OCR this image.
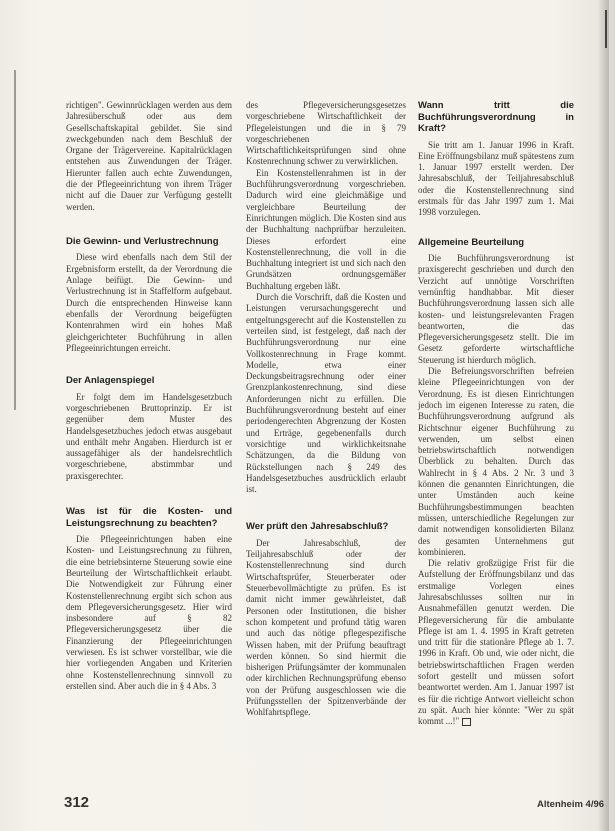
richtigen". Gewinnrücklagen werden aus dem Jahresüberschuß oder aus dem Gesellschaftskapital gebildet. Sie sind zweckgebunden nach dem Beschluß der Organe der Trägervereine. Kapitalrücklagen entstehen aus Zuwendungen der Träger. Hierunter fallen auch echte Zuwendungen, die der Pflegeeinrichtung von ihrem Träger nicht auf die Dauer zur Verfügung gestellt werden.

Die Gewinn- und Verlustrechnung

Diese wird ebenfalls nach dem Stil der Ergebnisform erstellt, da der Verordnung die Anlage beifügt. Die Gewinn- und Verlustrechnung ist in Staffelform aufgebaut. Durch die entsprechenden Hinweise kann ebenfalls der Verordnung beigefügten Kontenrahmen wird ein hohes Maß gleichgerichteter Buchführung in allen Pflegeeinrichtungen erreicht.

Der Anlagenspiegel

Er folgt dem im Handelsgesetzbuch vorgeschriebenen Bruttoprinzip. Er ist gegenüber dem Muster des Handelsgesetzbuches jedoch etwas ausgebaut und enthält mehr Angaben. Hierdurch ist er aussagefähiger als der handelsrechtlich vorgeschriebene, abstimmbar und praxisgerechter.

Was ist für die Kosten- und Leistungsrechnung zu beachten?

Die Pflegeeinrichtungen haben eine Kosten- und Leistungsrechnung zu führen, die eine betriebsinterne Steuerung sowie eine Beurteilung der Wirtschaftlichkeit erlaubt. Die Notwendigkeit zur Führung einer Kostenstellenrechnung ergibt sich schon aus dem Pflegeversicherungsgesetz. Hier wird insbesondere auf § 82 Pflegeversicherungsgesetz über die Finanzierung der Pflegeeinrichtungen verwiesen. Es ist schwer vorstellbar, wie die hier vorliegenden Angaben und Kriterien ohne Kostenstellenrechnung sinnvoll zu erstellen sind. Aber auch die in § 4 Abs. 3

des Pflegeversicherungsgesetzes vorgeschriebene Wirtschaftlichkeit der Pflegeleistungen und die in § 79 vorgeschriebenen Wirtschaftlichkeitsprüfungen sind ohne Kostenrechnung schwer zu verwirklichen.

Ein Kostenstellenrahmen ist in der Buchführungsverordnung vorgeschrieben. Dadurch wird eine gleichmäßige und vergleichbare Beurteilung der Einrichtungen möglich. Die Kosten sind aus der Buchhaltung nachprüfbar herzuleiten. Dieses erfordert eine Kostenstellenrechnung, die voll in die Buchhaltung integriert ist und sich nach den Grundsätzen ordnungsgemäßer Buchhaltung ergeben läßt.

Durch die Vorschrift, daß die Kosten und Leistungen verursachungsgerecht und entgeltungsgerecht auf die Kostenstellen zu verteilen sind, ist festgelegt, daß nach der Buchführungsverordnung nur eine Vollkostenrechnung in Frage kommt. Modelle, etwa einer Deckungsbeitragsrechnung oder einer Grenzplankostenrechnung, sind diese Anforderungen nicht zu erfüllen. Die Buchführungsverordnung besteht auf einer periodengerechten Abgrenzung der Kosten und Erträge, gegebenenfalls durch vorsichtige und wirklichkeitsnahe Schätzungen, da die Bildung von Rückstellungen nach § 249 des Handelsgesetzbuches ausdrücklich erlaubt ist.

Wer prüft den Jahresabschluß?

Der Jahresabschluß, der Teiljahresabschluß oder der Kostenstellenrechnung sind durch Wirtschaftsprüfer, Steuerberater oder Steuerbevollmächtigte zu prüfen. Es ist damit nicht immer gewährleistet, daß Personen oder Institutionen, die bisher schon kompetent und profund tätig waren und auch das nötige pflegespezifische Wissen haben, mit der Prüfung beauftragt werden können. So sind hiermit die bisherigen Prüfungsämter der kommunalen oder kirchlichen Rechnungsprüfung ebenso von der Prüfung ausgeschlossen wie die Prüfungsstellen der Spitzenverbände der Wohlfahrtspflege.

Wann tritt die Buchführungsverordnung in Kraft?

Sie tritt am 1. Januar 1996 in Kraft. Eine Eröffnungsbilanz muß spätestens zum 1. Januar 1997 erstellt werden. Der Jahresabschluß, der Teiljahresabschluß oder die Kostenstellenrechnung sind erstmals für das Jahr 1997 zum 1. Mai 1998 vorzulegen.

Allgemeine Beurteilung

Die Buchführungsverordnung ist praxisgerecht geschrieben und durch den Verzicht auf unnötige Vorschriften vernünftig handhabbar. Mit dieser Buchführungsverordnung lassen sich alle kosten- und leistungsrelevanten Fragen beantworten, die das Pflegeversicherungsgesetz stellt. Die im Gesetz geforderte wirtschaftliche Steuerung ist hierdurch möglich.

Die Befreiungsvorschriften befreien kleine Pflegeeinrichtungen von der Verordnung. Es ist diesen Einrichtungen jedoch im eigenen Interesse zu raten, die Buchführungsverordnung aufgrund als Richtschnur eigener Buchführung zu verwenden, um selbst einen betriebswirtschaftlich notwendigen Überblick zu behalten. Durch das Wahlrecht in § 4 Abs. 2 Nr. 3 und 3 können die genannten Einrichtungen, die unter Umständen auch keine Buchführungsbestimmungen beachten müssen, unterschiedliche Regelungen zur damit notwendigen konsolidierten Bilanz des gesamten Unternehmens gut kombinieren.

Die relativ großzügige Frist für die Aufstellung der Eröffnungsbilanz und das erstmalige Vorlegen eines Jahresabschlusses sollten nur in Ausnahmefällen genutzt werden. Die Pflegeversicherung für die ambulante Pflege ist am 1. 4. 1995 in Kraft getreten und tritt für die stationäre Pflege ab 1. 7. 1996 in Kraft. Ob und, wie oder nicht, die betriebswirtschaftlichen Fragen werden sofort gestellt und müssen sofort beantwortet werden. Am 1. Januar 1997 ist es für die richtige Antwort vielleicht schon zu spät. Auch hier könnte: "Wer zu spät kommt ...!"

312	Altenheim 4/96
